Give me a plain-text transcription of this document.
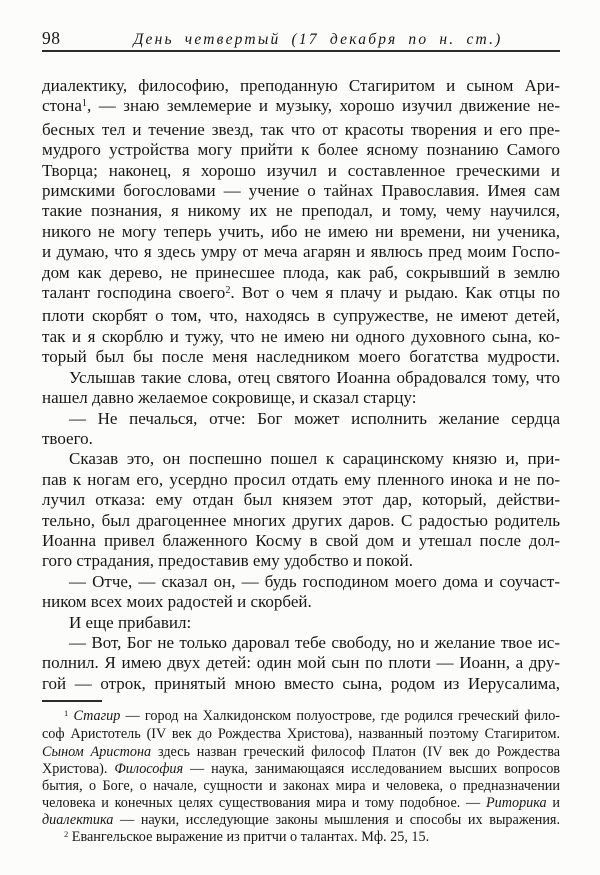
98	День четвертый (17 декабря по н. ст.)
диалектику, философию, преподанную Стагиритом и сыном Ари-
стона$^1$, — знаю землемерие и музыку, хорошо изучил движение не-
бесных тел и течение звезд, так что от красоты творения и его пре-
мудрого устройства могу прийти к более ясному познанию Самого
Творца; наконец, я хорошо изучил и составленное греческими и
римскими богословами — учение о тайнах Православия. Имея сам
такие познания, я никому их не преподал, и тому, чему научился,
никого не могу теперь учить, ибо не имею ни времени, ни ученика,
и думаю, что я здесь умру от меча агарян и явлюсь пред моим Госпо-
дом как дерево, не принесшее плода, как раб, сокрывший в землю
талант господина своего$^2$. Вот о чем я плачу и рыдаю. Как отцы по
плоти скорбят о том, что, находясь в супружестве, не имеют детей,
так и я скорблю и тужу, что не имею ни одного духовного сына, ко-
торый был бы после меня наследником моего богатства мудрости.
Услышав такие слова, отец святого Иоанна обрадовался тому, что
нашел давно желаемое сокровище, и сказал старцу:
— Не печалься, отче: Бог может исполнить желание сердца
твоего.
Сказав это, он поспешно пошел к сарацинскому князю и, при-
пав к ногам его, усердно просил отдать ему пленного инока и не по-
лучил отказа: ему отдан был князем этот дар, который, действи-
тельно, был драгоценнее многих других даров. С радостью родитель
Иоанна привел блаженного Косму в свой дом и утешал после дол-
гого страдания, предоставив ему удобство и покой.
— Отче, — сказал он, — будь господином моего дома и соучаст-
ником всех моих радостей и скорбей.
И еще прибавил:
— Вот, Бог не только даровал тебе свободу, но и желание твое ис-
полнил. Я имею двух детей: один мой сын по плоти — Иоанн, а дру-
гой — отрок, принятый мною вместо сына, родом из Иерусалима,
$^1$ Стагир — город на Халкидонском полуострове, где родился греческий фило-
соф Аристотель (IV век до Рождества Христова), названный поэтому Стагиритом.
Сыном Аристона здесь назван греческий философ Платон (IV век до Рождества
Христова). Философия — наука, занимающаяся исследованием высших вопросов
бытия, о Боге, о начале, сущности и законах мира и человека, о предназначении
человека и конечных целях существования мира и тому подобное. — Риторика и
диалектика — науки, исследующие законы мышления и способы их выражения.
$^2$ Евангельское выражение из притчи о талантах. Мф. 25, 15.
